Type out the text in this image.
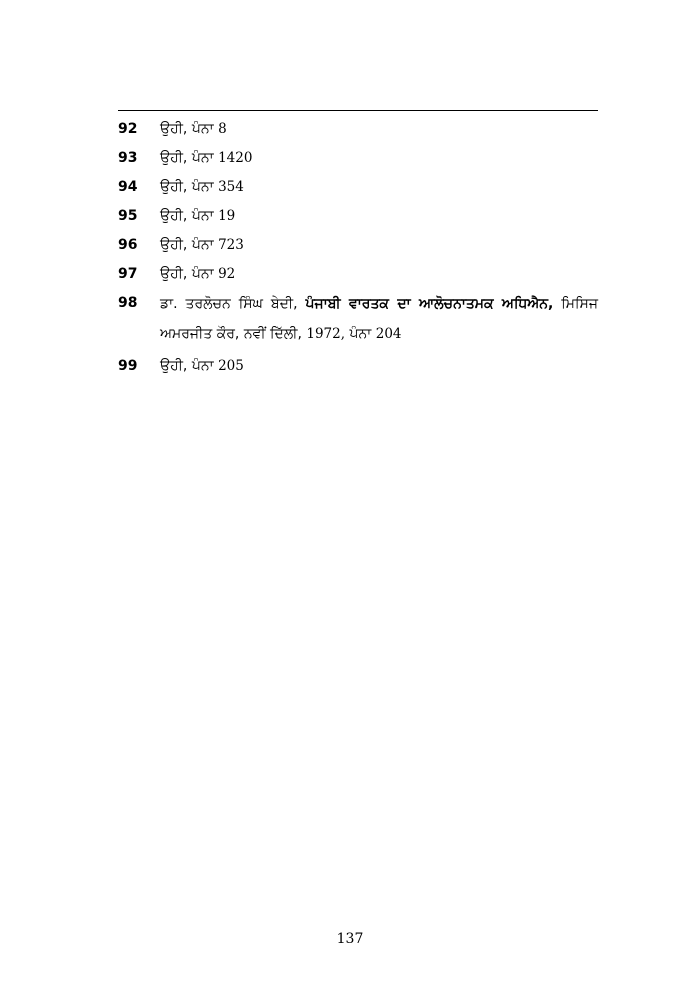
92	ਉਹੀ, ਪੰਨਾ 8
93	ਉਹੀ, ਪੰਨਾ 1420
94	ਉਹੀ, ਪੰਨਾ 354
95	ਉਹੀ, ਪੰਨਾ 19
96	ਉਹੀ, ਪੰਨਾ 723
97	ਉਹੀ, ਪੰਨਾ 92
98	ਡਾ. ਤਰਲੋਚਨ ਸਿੰਘ ਬੇਦੀ, ਪੰਜਾਬੀ ਵਾਰਤਕ ਦਾ ਆਲੋਚਨਾਤਮਕ ਅਧਿਐਨ, ਮਿਸਿਜ ਅਮਰਜੀਤ ਕੌਰ, ਨਵੀਂ ਦਿੱਲੀ, 1972, ਪੰਨਾ 204
99	ਉਹੀ, ਪੰਨਾ 205
137
